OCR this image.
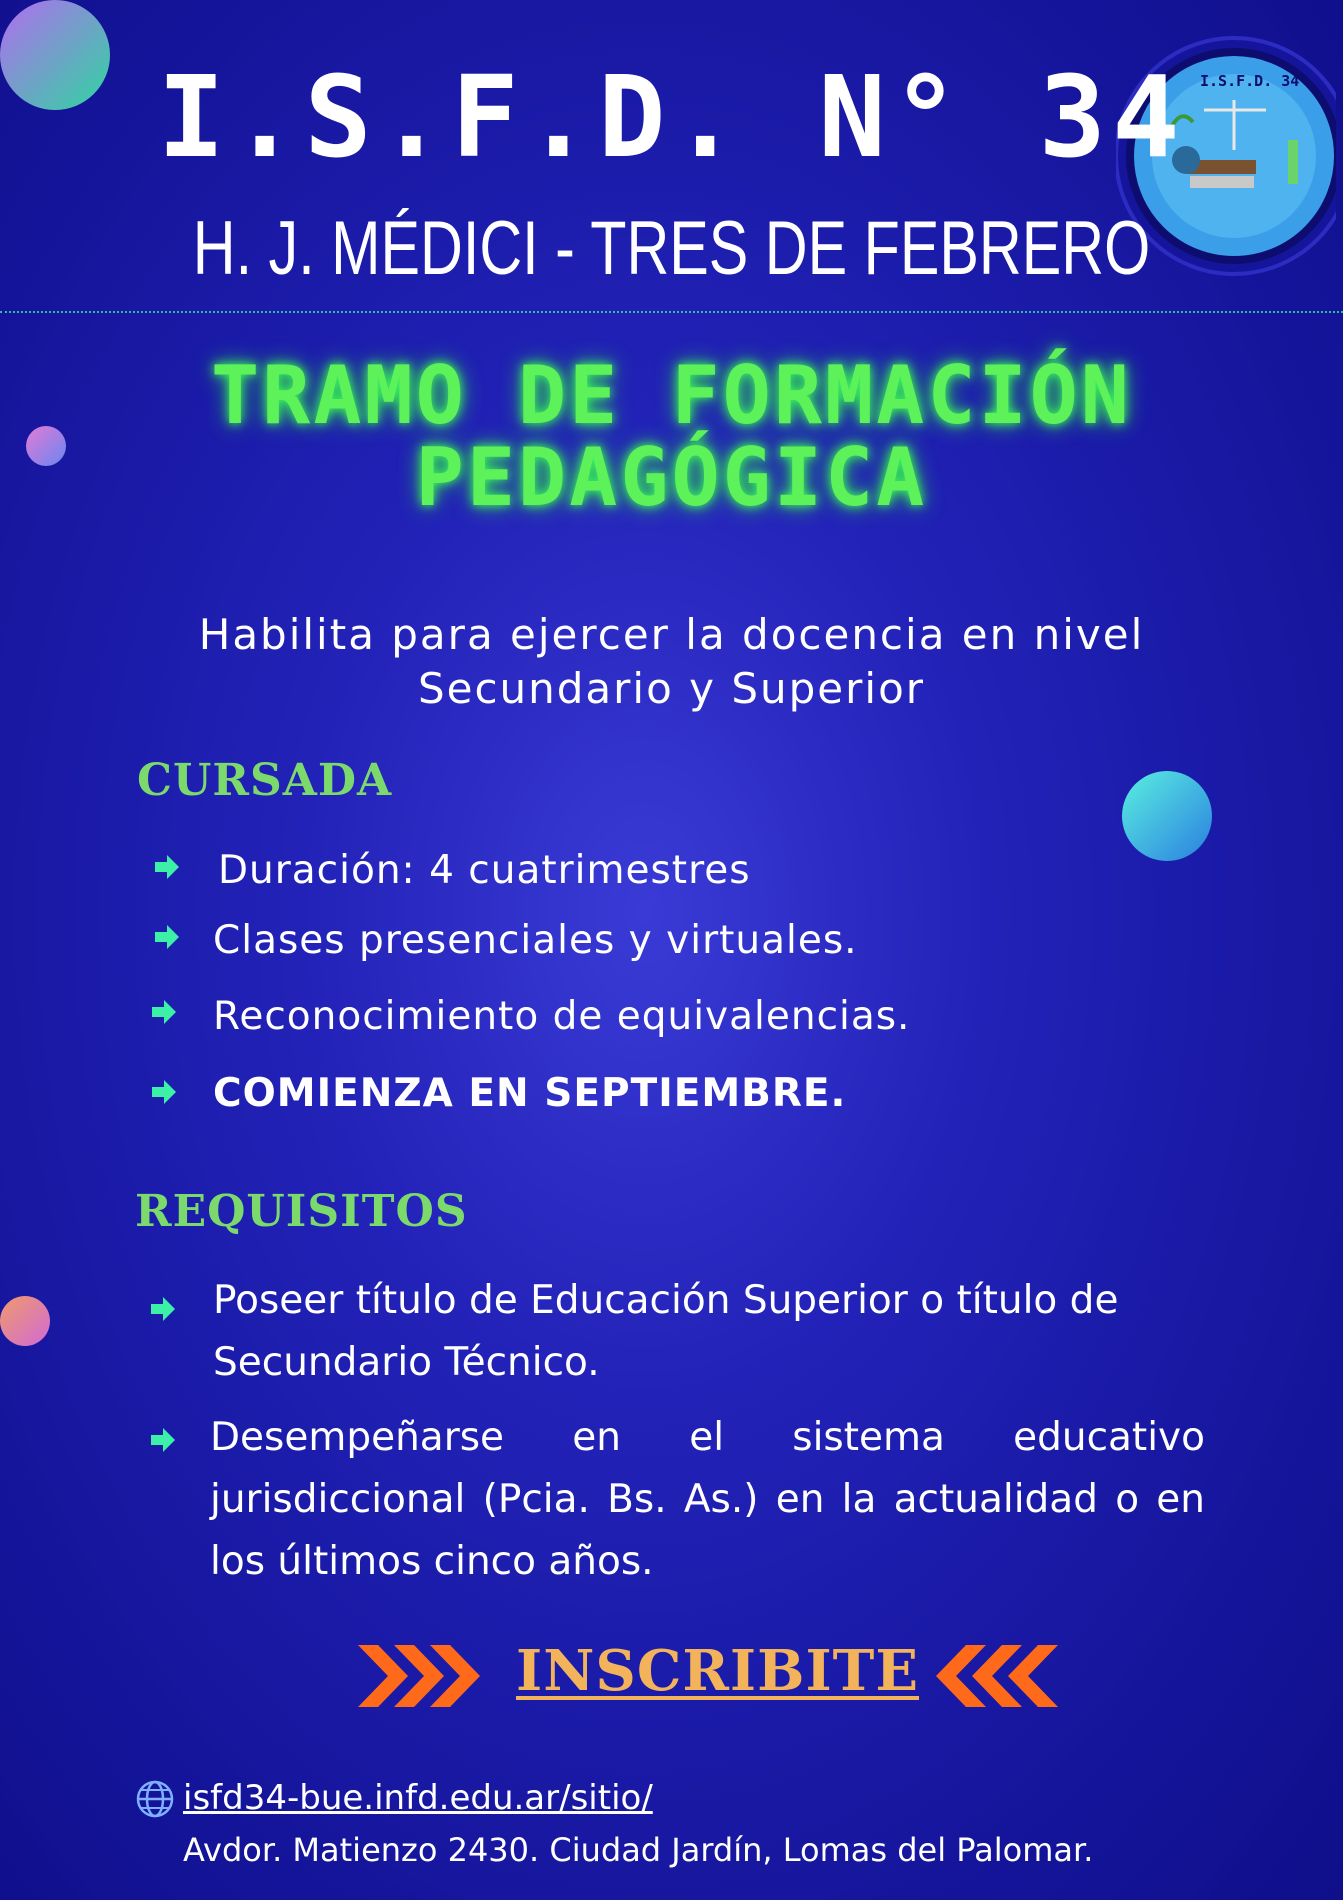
I.S.F.D. 34
I.S.F.D. N° 34
H. J. MÉDICI - TRES DE FEBRERO
TRAMO DE FORMACIÓN
PEDAGÓGICA
Habilita para ejercer la docencia en nivel
Secundario y Superior
CURSADA
Duración: 4 cuatrimestres
Clases presenciales y virtuales.
Reconocimiento de equivalencias.
COMIENZA EN SEPTIEMBRE.
REQUISITOS
Poseer título de Educación Superior o título de Secundario Técnico.
Desempeñarse en el sistema educativo jurisdiccional (Pcia. Bs. As.) en la actualidad o en los últimos cinco años.
INSCRIBITE
isfd34-bue.infd.edu.ar/sitio/
Avdor. Matienzo 2430. Ciudad Jardín, Lomas del Palomar.
